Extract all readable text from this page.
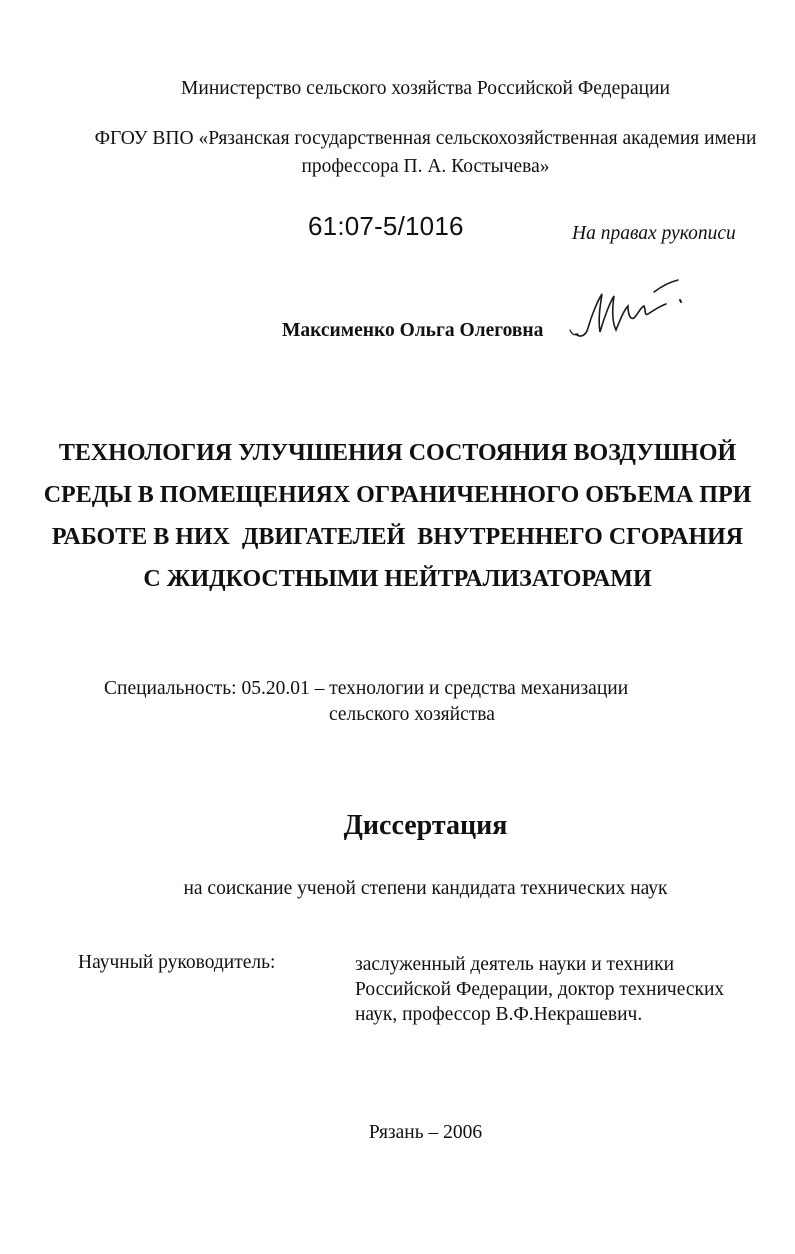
Министерство сельского хозяйства Российской Федерации
ФГОУ ВПО «Рязанская государственная сельскохозяйственная академия имени
профессора П. А. Костычева»
61:07-5/1016	На правах рукописи
Максименко Ольга Олеговна
ТЕХНОЛОГИЯ УЛУЧШЕНИЯ СОСТОЯНИЯ ВОЗДУШНОЙ
СРЕДЫ В ПОМЕЩЕНИЯХ ОГРАНИЧЕННОГО ОБЪЕМА ПРИ
РАБОТЕ В НИХ  ДВИГАТЕЛЕЙ  ВНУТРЕННЕГО СГОРАНИЯ
С ЖИДКОСТНЫМИ НЕЙТРАЛИЗАТОРАМИ
Специальность: 05.20.01 – технологии и средства механизации
сельского хозяйства
Диссертация
на соискание ученой степени кандидата технических наук
Научный руководитель:	заслуженный деятель науки и техники
Российской Федерации, доктор технических
наук, профессор В.Ф.Некрашевич.
Рязань – 2006
